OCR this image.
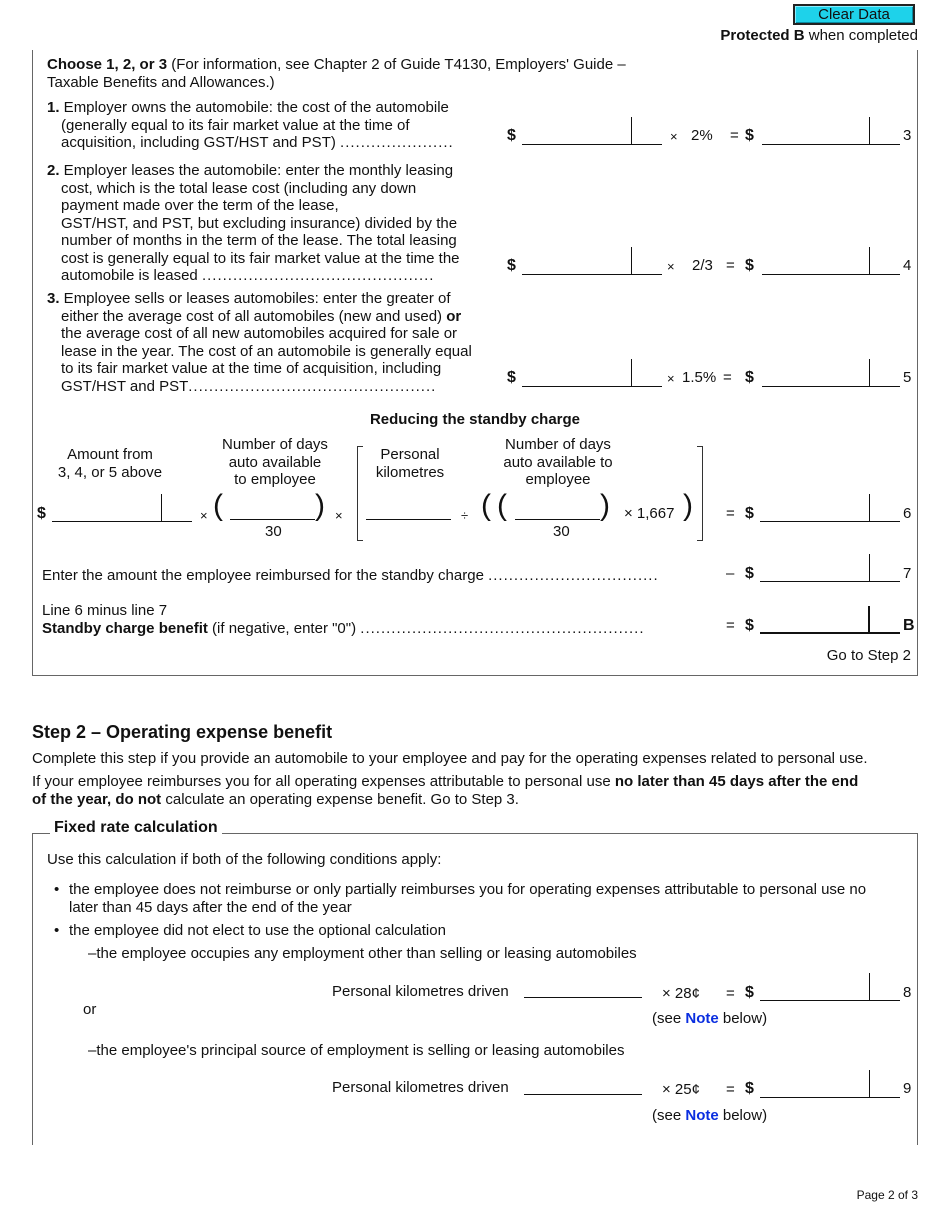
Clear Data
Protected B when completed
Choose 1, 2, or 3 (For information, see Chapter 2 of Guide T4130, Employers' Guide –
Taxable Benefits and Allowances.)
1. Employer owns the automobile: the cost of the automobile
(generally equal to its fair market value at the time of
acquisition, including GST/HST and PST) ......................	$	× 2% = $	3
2. Employer leases the automobile: enter the monthly leasing
cost, which is the total lease cost (including any down
payment made over the term of the lease,
GST/HST, and PST, but excluding insurance) divided by the
number of months in the term of the lease. The total leasing
cost is generally equal to its fair market value at the time the
automobile is leased .............................................
$	× 2/3 = $	4
3. Employee sells or leases automobiles: enter the greater of
either the average cost of all automobiles (new and used) or
the average cost of all new automobiles acquired for sale or
lease in the year. The cost of an automobile is generally equal
to its fair market value at the time of acquisition, including
GST/HST and PST................................................	$	× 1.5% = $	5
Reducing the standby charge
Amount from
3, 4, or 5 above
Number of days
auto available
to employee
Personal
kilometres
Number of days
auto available to
employee
$	× (	)
30
×	÷ ( (	)
30
× 1,667 ) = $	6
Enter the amount the employee reimbursed for the standby charge .................................	– $	7
Line 6 minus line 7
Standby charge benefit (if negative, enter "0") .......................................................	= $	B
Go to Step 2
Step 2 – Operating expense benefit
Complete this step if you provide an automobile to your employee and pay for the operating expenses related to personal use.
If your employee reimburses you for all operating expenses attributable to personal use no later than 45 days after the end
of the year, do not calculate an operating expense benefit. Go to Step 3.
Fixed rate calculation
Use this calculation if both of the following conditions apply:
• the employee does not reimburse or only partially reimburses you for operating expenses attributable to personal use no
later than 45 days after the end of the year
• the employee did not elect to use the optional calculation
–the employee occupies any employment other than selling or leasing automobiles
Personal kilometres driven	× 28¢ = $	8
or
(see Note below)
–the employee's principal source of employment is selling or leasing automobiles
Personal kilometres driven	× 25¢ = $	9
(see Note below)
Page 2 of 3
